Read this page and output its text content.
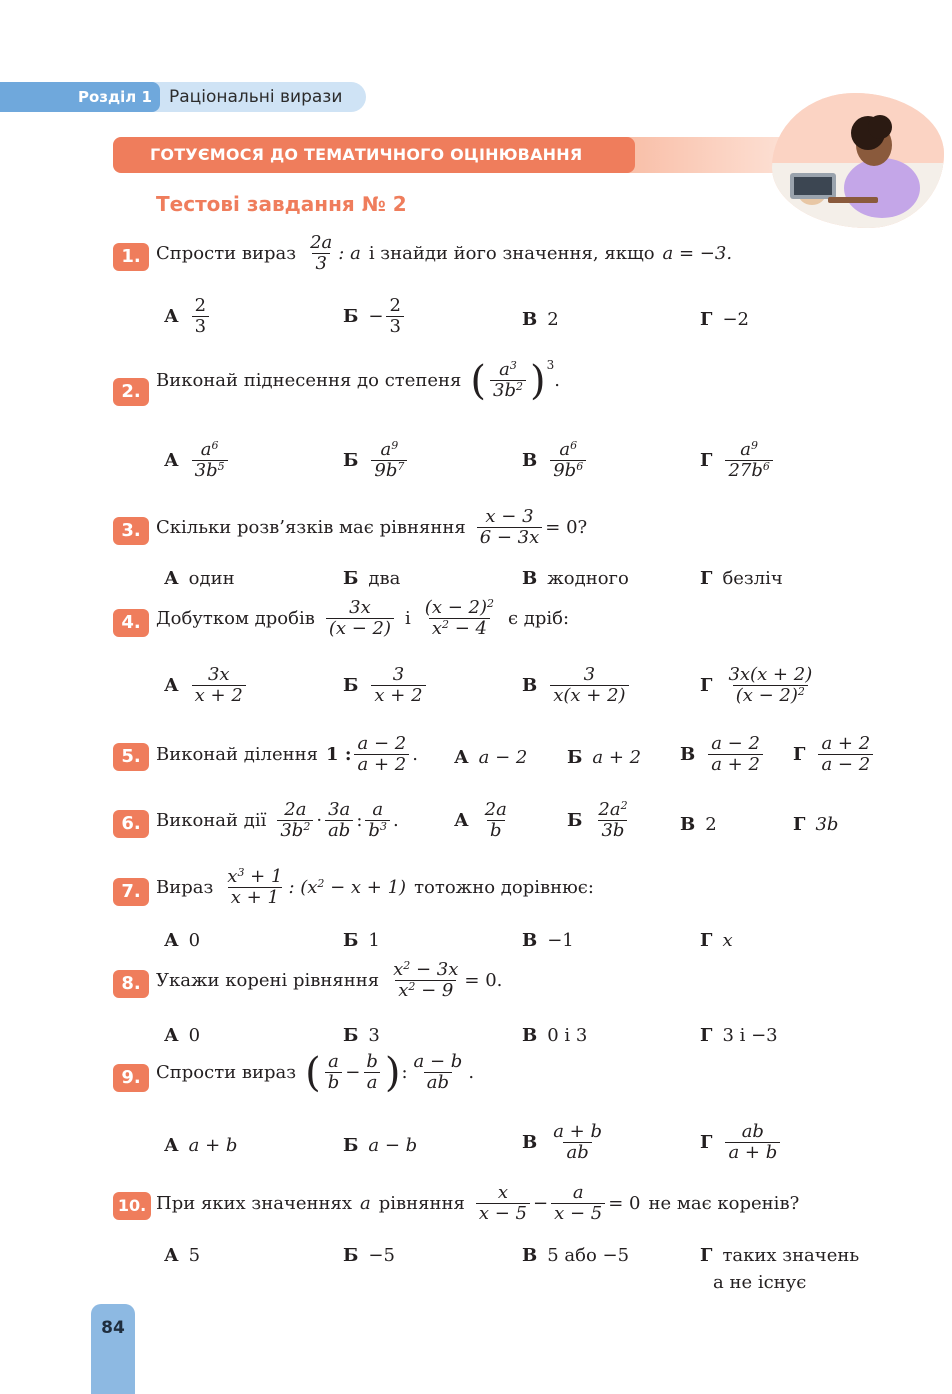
Розділ 1	Раціональні вирази
ГОТУЄМОСЯ ДО ТЕМАТИЧНОГО ОЦІНЮВАННЯ
Тестові завдання № 2
1. Спрости вираз $\frac{2a}{3}$ : a і знайди його значення, якщо a = −3.
А $\frac{2}{3}$	$Б - \frac{2}{3}$	В 2	Г −2
2.
Виконай піднесення до степеня ( $\frac{a^3}{3b^2}$ ) 3
.
А $\frac{a^6}{3b^5}$	Б $\frac{a^9}{9b^7}$	В $\frac{a^6}{9b^6}$	Г $\frac{a^9}{27b^6}$
3. Скільки розв’язків має рівняння $\frac{x - 3}{6 - 3x} = 0$?
А один	Б два	В жодного	Г безліч
4. Добутком дробів $\frac{3x}{(x - 2)}$ і $\frac{(x - 2)^2}{x^2 - 4}$ є дріб:
А $\frac{3x}{x + 2}$	Б $\frac{3}{x + 2}$	В $\frac{3}{x(x + 2)}$	Г $\frac{3x(x + 2)}{(x - 2)^2}$
5. Виконай ділення 1 : $\frac{a - 2}{a + 2}$ . А a − 2 Б a + 2 В $\frac{a - 2}{a + 2}$ Г $\frac{a + 2}{a - 2}$
6. Виконай дії $\frac{2a}{3b^2} \cdot \frac{3a}{ab}$ : $\frac{a}{b^3}$ .	А $\frac{2a}{b}$	Б $\frac{2a^2}{3b}$	В 2	Г 3b
7. Вираз $\frac{x^3 + 1}{x + 1}$ : $(x^2 - x + 1)$ тотожно дорівнює:
А 0	Б 1	В −1	Г x
8. Укажи корені рівняння $\frac{x^2 - 3x}{x^2 - 9} = 0$.
А 0	Б 3	В 0 і 3	Г 3 і −3
9. Спрости вираз ( $\frac{a}{b} - \frac{b}{a}$ ) : $\frac{a - b}{ab}$ .
А a + b	Б a − b	В $\frac{a + b}{ab}$	Г $\frac{ab}{a + b}$
10. При яких значеннях a рівняння $\frac{x}{x - 5} - \frac{a}{x - 5} = 0$ не має коренів?
А 5	Б −5	В 5 або −5	Г таких значень
a не існує
84
